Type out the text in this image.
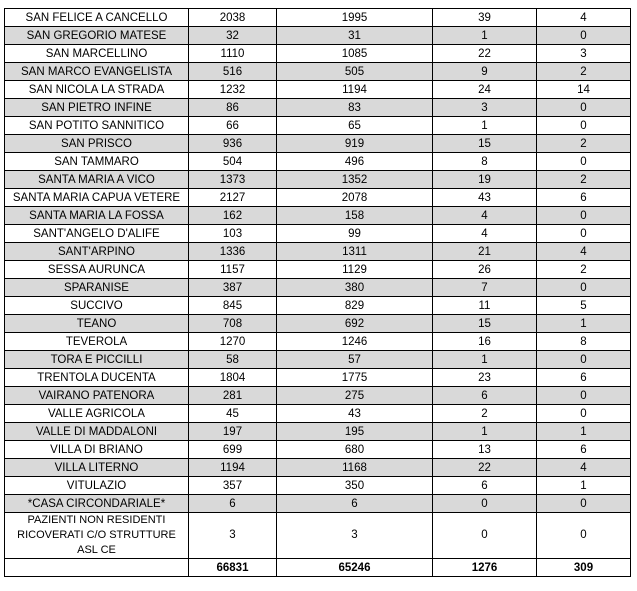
SAN FELICE A CANCELLO	2038	1995	39	4
SAN GREGORIO MATESE	32	31	1	0
SAN MARCELLINO	1110	1085	22	3
SAN MARCO EVANGELISTA	516	505	9	2
SAN NICOLA LA STRADA	1232	1194	24	14
SAN PIETRO INFINE	86	83	3	0
SAN POTITO SANNITICO	66	65	1	0
SAN PRISCO	936	919	15	2
SAN TAMMARO	504	496	8	0
SANTA MARIA A VICO	1373	1352	19	2
SANTA MARIA CAPUA VETERE	2127	2078	43	6
SANTA MARIA LA FOSSA	162	158	4	0
SANT'ANGELO D'ALIFE	103	99	4	0
SANT'ARPINO	1336	1311	21	4
SESSA AURUNCA	1157	1129	26	2
SPARANISE	387	380	7	0
SUCCIVO	845	829	11	5
TEANO	708	692	15	1
TEVEROLA	1270	1246	16	8
TORA E PICCILLI	58	57	1	0
TRENTOLA DUCENTA	1804	1775	23	6
VAIRANO PATENORA	281	275	6	0
VALLE AGRICOLA	45	43	2	0
VALLE DI MADDALONI	197	195	1	1
VILLA DI BRIANO	699	680	13	6
VILLA LITERNO	1194	1168	22	4
VITULAZIO	357	350	6	1
*CASA CIRCONDARIALE*	6	6	0	0
PAZIENTI NON RESIDENTI RICOVERATI C/O STRUTTURE ASL CE	3	3	0	0
	66831	65246	1276	309
